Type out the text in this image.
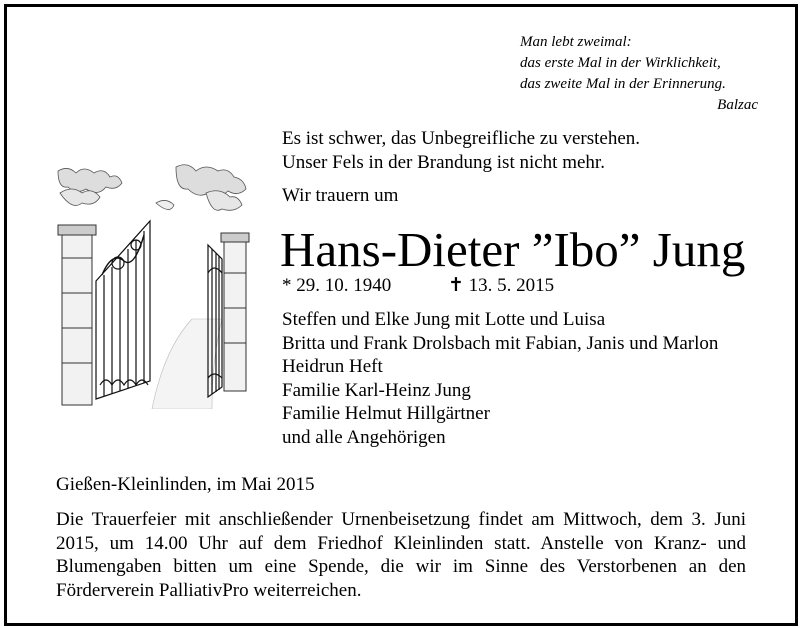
Man lebt zweimal:
das erste Mal in der Wirklichkeit,
das zweite Mal in der Erinnerung.
Balzac
Es ist schwer, das Unbegreifliche zu verstehen.
Unser Fels in der Brandung ist nicht mehr.
Wir trauern um
Hans-Dieter ”Ibo” Jung
* 29. 10. 1940	✝ 13. 5. 2015
Steffen und Elke Jung mit Lotte und Luisa
Britta und Frank Drolsbach mit Fabian, Janis und Marlon
Heidrun Heft
Familie Karl-Heinz Jung
Familie Helmut Hillgärtner
und alle Angehörigen
Gießen-Kleinlinden, im Mai 2015
Die Trauerfeier mit anschließender Urnenbeisetzung findet am Mittwoch, dem 3. Juni 2015, um 14.00 Uhr auf dem Friedhof Kleinlinden statt. Anstelle von Kranz- und Blumengaben bitten um eine Spende, die wir im Sinne des Verstorbenen an den Förderverein PalliativPro weiterreichen.
